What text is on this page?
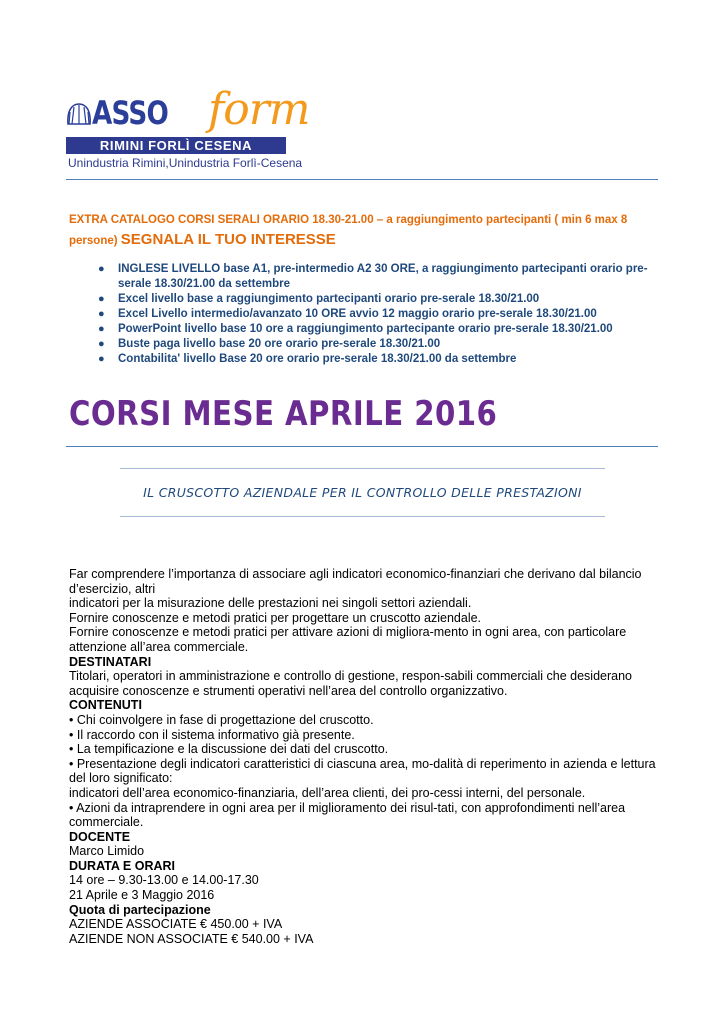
ASSO form
RIMINI FORLÌ CESENA
Unindustria Rimini,Unindustria Forlì-Cesena
EXTRA CATALOGO CORSI SERALI ORARIO 18.30-21.00 – a raggiungimento partecipanti ( min 6 max 8 persone) SEGNALA IL TUO INTERESSE
● INGLESE LIVELLO base A1, pre-intermedio A2 30 ORE, a raggiungimento partecipanti orario pre-serale 18.30/21.00 da settembre
● Excel livello base a raggiungimento partecipanti orario pre-serale 18.30/21.00
● Excel Livello intermedio/avanzato 10 ORE avvio 12 maggio orario pre-serale 18.30/21.00
● PowerPoint livello base 10 ore a raggiungimento partecipante orario pre-serale 18.30/21.00
● Buste paga livello base 20 ore orario pre-serale 18.30/21.00
● Contabilita' livello Base 20 ore orario pre-serale 18.30/21.00 da settembre
CORSI MESE APRILE 2016
IL CRUSCOTTO AZIENDALE PER IL CONTROLLO DELLE PRESTAZIONI

Far comprendere l’importanza di associare agli indicatori economico-finanziari che derivano dal bilancio d’esercizio, altri

indicatori per la misurazione delle prestazioni nei singoli settori aziendali.

Fornire conoscenze e metodi pratici per progettare un cruscotto aziendale.

Fornire conoscenze e metodi pratici per attivare azioni di migliora-mento in ogni area, con particolare attenzione all’area commerciale.

DESTINATARI

Titolari, operatori in amministrazione e controllo di gestione, respon-sabili commerciali che desiderano acquisire conoscenze e strumenti operativi nell’area del controllo organizzativo.

CONTENUTI

• Chi coinvolgere in fase di progettazione del cruscotto.

• Il raccordo con il sistema informativo già presente.

• La tempificazione e la discussione dei dati del cruscotto.

• Presentazione degli indicatori caratteristici di ciascuna area, mo-dalità di reperimento in azienda e lettura del loro significato:

indicatori dell’area economico-finanziaria, dell’area clienti, dei pro-cessi interni, del personale.

• Azioni da intraprendere in ogni area per il miglioramento dei risul-tati, con approfondimenti nell’area commerciale.

DOCENTE

Marco Limido

DURATA E ORARI

14 ore – 9.30-13.00 e 14.00-17.30

21 Aprile e 3 Maggio 2016

Quota di partecipazione

AZIENDE ASSOCIATE € 450.00 + IVA

AZIENDE NON ASSOCIATE € 540.00 + IVA
